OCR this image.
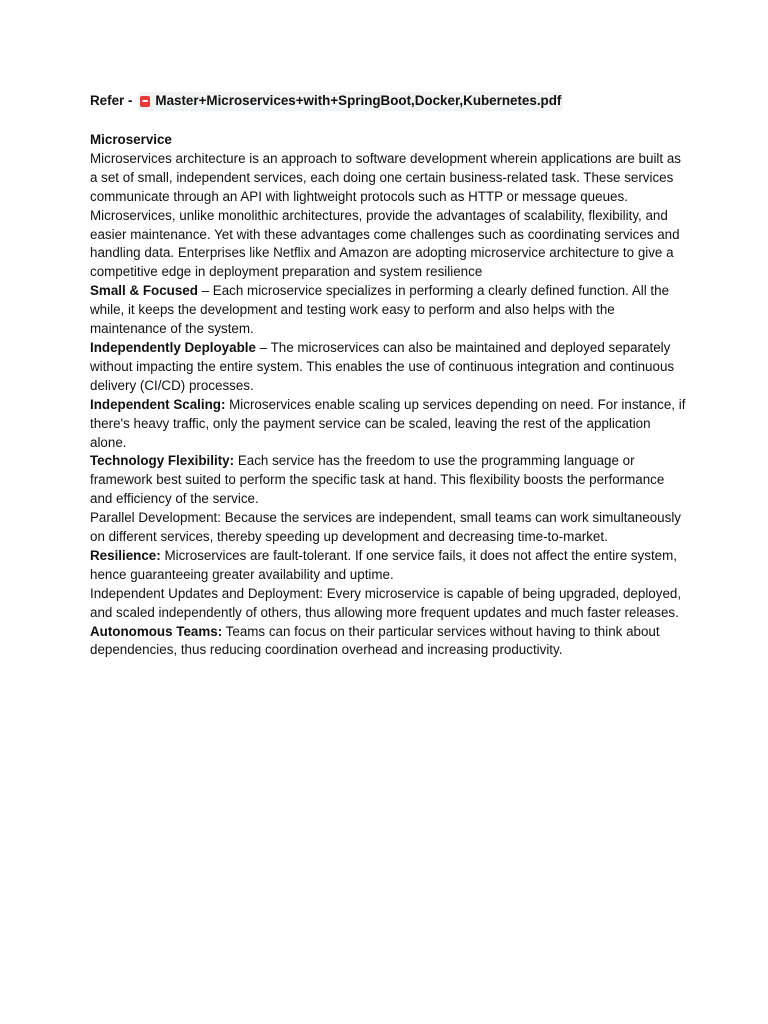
Refer - Master+Microservices+with+SpringBoot,Docker,Kubernetes.pdf
Microservice

Microservices architecture is an approach to software development wherein applications are built as a set of small, independent services, each doing one certain business-related task. These services communicate through an API with lightweight protocols such as HTTP or message queues. Microservices, unlike monolithic architectures, provide the advantages of scalability, flexibility, and easier maintenance. Yet with these advantages come challenges such as coordinating services and handling data. Enterprises like Netflix and Amazon are adopting microservice architecture to give a competitive edge in deployment preparation and system resilience

Small & Focused – Each microservice specializes in performing a clearly defined function. All the while, it keeps the development and testing work easy to perform and also helps with the maintenance of the system.

Independently Deployable – The microservices can also be maintained and deployed separately without impacting the entire system. This enables the use of continuous integration and continuous delivery (CI/CD) processes.

Independent Scaling: Microservices enable scaling up services depending on need. For instance, if there's heavy traffic, only the payment service can be scaled, leaving the rest of the application alone.

Technology Flexibility: Each service has the freedom to use the programming language or framework best suited to perform the specific task at hand. This flexibility boosts the performance and efficiency of the service.

Parallel Development: Because the services are independent, small teams can work simultaneously on different services, thereby speeding up development and decreasing time-to-market.

Resilience: Microservices are fault-tolerant. If one service fails, it does not affect the entire system, hence guaranteeing greater availability and uptime.

Independent Updates and Deployment: Every microservice is capable of being upgraded, deployed, and scaled independently of others, thus allowing more frequent updates and much faster releases.

Autonomous Teams: Teams can focus on their particular services without having to think about dependencies, thus reducing coordination overhead and increasing productivity.
